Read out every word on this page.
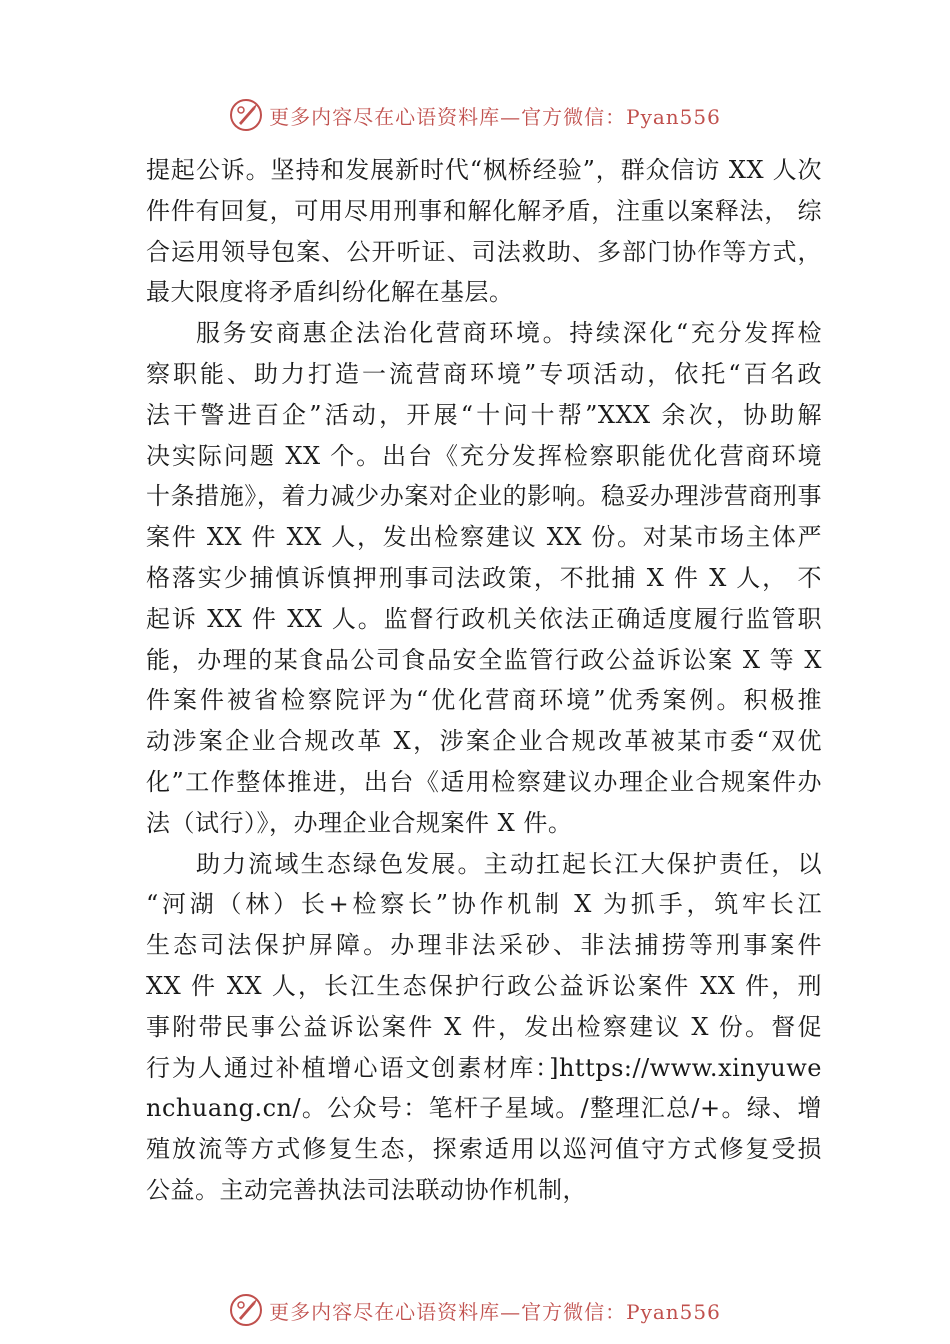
更多内容尽在心语资料库—官方微信：Pyan556
提起公诉。坚持和发展新时代“枫桥经验”，群众信访 XX 人次
件件有回复，可用尽用刑事和解化解矛盾，注重以案释法， 综
合运用领导包案、公开听证、司法救助、多部门协作等方式，
最大限度将矛盾纠纷化解在基层。
服务安商惠企法治化营商环境。持续深化“充分发挥检
察职能、助力打造一流营商环境”专项活动，依托“百名政
法干警进百企”活动，开展“十问十帮”XXX 余次，协助解
决实际问题 XX 个。出台《充分发挥检察职能优化营商环境
十条措施》，着力减少办案对企业的影响。稳妥办理涉营商刑事
案件 XX 件 XX 人，发出检察建议 XX 份。对某市场主体严
格落实少捕慎诉慎押刑事司法政策，不批捕 X 件 X 人， 不
起诉 XX 件 XX 人。监督行政机关依法正确适度履行监管职
能，办理的某食品公司食品安全监管行政公益诉讼案 X 等 X
件案件被省检察院评为“优化营商环境”优秀案例。积极推
动涉案企业合规改革 X，涉案企业合规改革被某市委“双优
化”工作整体推进，出台《适用检察建议办理企业合规案件办
法（试行）》，办理企业合规案件 X 件。
助力流域生态绿色发展。主动扛起长江大保护责任，以
“河湖（林）长+检察长”协作机制 X 为抓手，筑牢长江
生态司法保护屏障。办理非法采砂、非法捕捞等刑事案件
XX 件 XX 人，长江生态保护行政公益诉讼案件 XX 件，刑
事附带民事公益诉讼案件 X 件，发出检察建议 X 份。督促
行为人通过补植增心语文创素材库：]https://www.xinyuwe
nchuang.cn/。公众号：笔杆子星域。/整理汇总/+。绿、增
殖放流等方式修复生态，探索适用以巡河值守方式修复受损
公益。主动完善执法司法联动协作机制，
更多内容尽在心语资料库—官方微信：Pyan556
